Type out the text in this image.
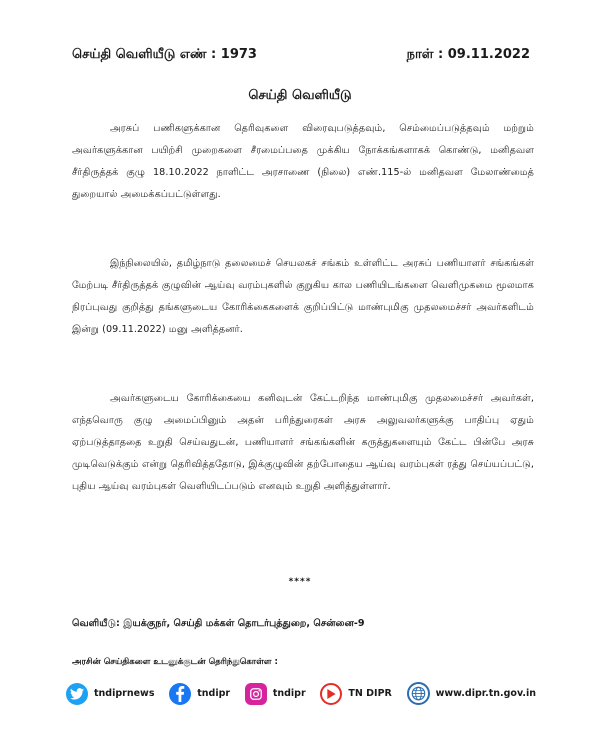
செய்தி வெளியீடு எண் : 1973	நாள் : 09.11.2022
செய்தி வெளியீடு

அரசுப் பணிகளுக்கான தெரிவுகளை விரைவுபடுத்தவும், செம்மைப்படுத்தவும் மற்றும் அவர்களுக்கான பயிற்சி முறைகளை சீரமைப்பதை முக்கிய நோக்கங்களாகக் கொண்டு, மனிதவள சீர்திருத்தக் குழு 18.10.2022 நாளிட்ட அரசாணை (நிலை) எண்.115-ல் மனிதவள மேலாண்மைத் துறையால் அமைக்கப்பட்டுள்ளது.

இந்நிலையில், தமிழ்நாடு தலைமைச் செயலகச் சங்கம் உள்ளிட்ட அரசுப் பணியாளர் சங்கங்கள் மேற்படி சீர்திருத்தக் குழுவின் ஆய்வு வரம்புகளில் குறுகிய கால பணியிடங்களை வெளிமுகமை மூலமாக நிரப்புவது குறித்து தங்களுடைய கோரிக்கைகளைக் குறிப்பிட்டு மாண்புமிகு முதலமைச்சர் அவர்களிடம் இன்று (09.11.2022) மனு அளித்தனர்.

அவர்களுடைய கோரிக்கையை கனிவுடன் கேட்டறிந்த மாண்புமிகு முதலமைச்சர் அவர்கள், எந்தவொரு குழு அமைப்பினும் அதன் பரிந்துரைகள் அரசு அலுவலர்களுக்கு பாதிப்பு ஏதும் ஏற்படுத்தாததை உறுதி செய்வதுடன், பணியாளர் சங்கங்களின் கருத்துகளையும் கேட்ட பின்பே அரசு முடிவெடுக்கும் என்று தெரிவித்ததோடு, இக்குழுவின் தற்போதைய ஆய்வு வரம்புகள் ரத்து செய்யப்பட்டு, புதிய ஆய்வு வரம்புகள் வெளியிடப்படும் எனவும் உறுதி அளித்துள்ளார்.

****
வெளியீடு: இயக்குநர், செய்தி மக்கள் தொடர்புத்துறை, சென்னை-9
அரசின் செய்திகளை உடனுக்குடன் தெரிந்துகொள்ள :
tndiprnews	tndipr	tndipr	TN DIPR	www.dipr.tn.gov.in
